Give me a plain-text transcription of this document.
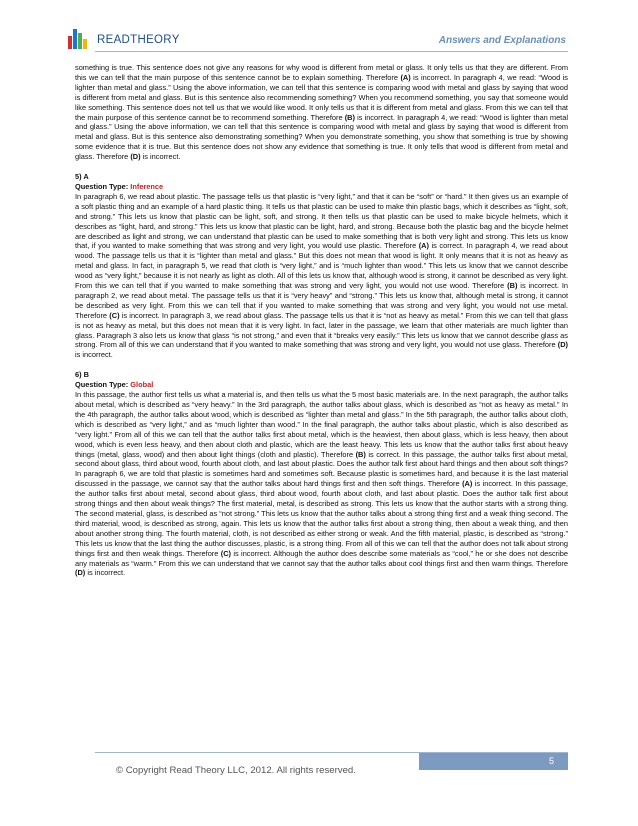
READTHEORY	Answers and Explanations

something is true. This sentence does not give any reasons for why wood is different from metal or glass. It only tells us that they are different. From this we can tell that the main purpose of this sentence cannot be to explain something. Therefore (A) is incorrect. In paragraph 4, we read: “Wood is lighter than metal and glass.” Using the above information, we can tell that this sentence is comparing wood with metal and glass by saying that wood is different from metal and glass. But is this sentence also recommending something? When you recommend something, you say that someone would like something. This sentence does not tell us that we would like wood. It only tells us that it is different from metal and glass. From this we can tell that the main purpose of this sentence cannot be to recommend something. Therefore (B) is incorrect. In paragraph 4, we read: “Wood is lighter than metal and glass.” Using the above information, we can tell that this sentence is comparing wood with metal and glass by saying that wood is different from metal and glass. But is this sentence also demonstrating something? When you demonstrate something, you show that something is true by showing some evidence that it is true. But this sentence does not show any evidence that something is true. It only tells that wood is different from metal and glass. Therefore (D) is incorrect.

5) A

Question Type: Inference

In paragraph 6, we read about plastic. The passage tells us that plastic is “very light,” and that it can be “soft” or “hard.” It then gives us an example of a soft plastic thing and an example of a hard plastic thing. It tells us that plastic can be used to make thin plastic bags, which it describes as “light, soft, and strong.” This lets us know that plastic can be light, soft, and strong. It then tells us that plastic can be used to make bicycle helmets, which it describes as “light, hard, and strong.” This lets us know that plastic can be light, hard, and strong. Because both the plastic bag and the bicycle helmet are described as light and strong, we can understand that plastic can be used to make something that is both very light and strong. This lets us know that, if you wanted to make something that was strong and very light, you would use plastic. Therefore (A) is correct. In paragraph 4, we read about wood. The passage tells us that it is “lighter than metal and glass.” But this does not mean that wood is light. It only means that it is not as heavy as metal and glass. In fact, in paragraph 5, we read that cloth is “very light,” and is “much lighter than wood.” This lets us know that we cannot describe wood as “very light,” because it is not nearly as light as cloth. All of this lets us know that, although wood is strong, it cannot be described as very light. From this we can tell that if you wanted to make something that was strong and very light, you would not use wood. Therefore (B) is incorrect. In paragraph 2, we read about metal. The passage tells us that it is “very heavy” and “strong.” This lets us know that, although metal is strong, it cannot be described as very light. From this we can tell that if you wanted to make something that was strong and very light, you would not use metal. Therefore (C) is incorrect. In paragraph 3, we read about glass. The passage tells us that it is “not as heavy as metal.” From this we can tell that glass is not as heavy as metal, but this does not mean that it is very light. In fact, later in the passage, we learn that other materials are much lighter than glass. Paragraph 3 also lets us know that glass “is not strong,” and even that it “breaks very easily.” This lets us know that we cannot describe glass as strong. From all of this we can understand that if you wanted to make something that was strong and very light, you would not use glass. Therefore (D) is incorrect.

6) B

Question Type: Global

In this passage, the author first tells us what a material is, and then tells us what the 5 most basic materials are. In the next paragraph, the author talks about metal, which is described as “very heavy.” In the 3rd paragraph, the author talks about glass, which is described as “not as heavy as metal.” In the 4th paragraph, the author talks about wood, which is described as “lighter than metal and glass.” In the 5th paragraph, the author talks about cloth, which is described as “very light,” and as “much lighter than wood.” In the final paragraph, the author talks about plastic, which is also described as “very light.” From all of this we can tell that the author talks first about metal, which is the heaviest, then about glass, which is less heavy, then about wood, which is even less heavy, and then about cloth and plastic, which are the least heavy. This lets us know that the author talks first about heavy things (metal, glass, wood) and then about light things (cloth and plastic). Therefore (B) is correct. In this passage, the author talks first about metal, second about glass, third about wood, fourth about cloth, and last about plastic. Does the author talk first about hard things and then about soft things? In paragraph 6, we are told that plastic is sometimes hard and sometimes soft. Because plastic is sometimes hard, and because it is the last material discussed in the passage, we cannot say that the author talks about hard things first and then soft things. Therefore (A) is incorrect. In this passage, the author talks first about metal, second about glass, third about wood, fourth about cloth, and last about plastic. Does the author talk first about strong things and then about weak things? The first material, metal, is described as strong. This lets us know that the author starts with a strong thing. The second material, glass, is described as “not strong.” This lets us know that the author talks about a strong thing first and a weak thing second. The third material, wood, is described as strong, again. This lets us know that the author talks first about a strong thing, then about a weak thing, and then about another strong thing. The fourth material, cloth, is not described as either strong or weak. And the fifth material, plastic, is described as “strong.” This lets us know that the last thing the author discusses, plastic, is a strong thing. From all of this we can tell that the author does not talk about strong things first and then weak things. Therefore (C) is incorrect. Although the author does describe some materials as “cool,” he or she does not describe any materials as “warm.” From this we can understand that we cannot say that the author talks about cool things first and then warm things. Therefore (D) is incorrect.

5
© Copyright Read Theory LLC, 2012. All rights reserved.
